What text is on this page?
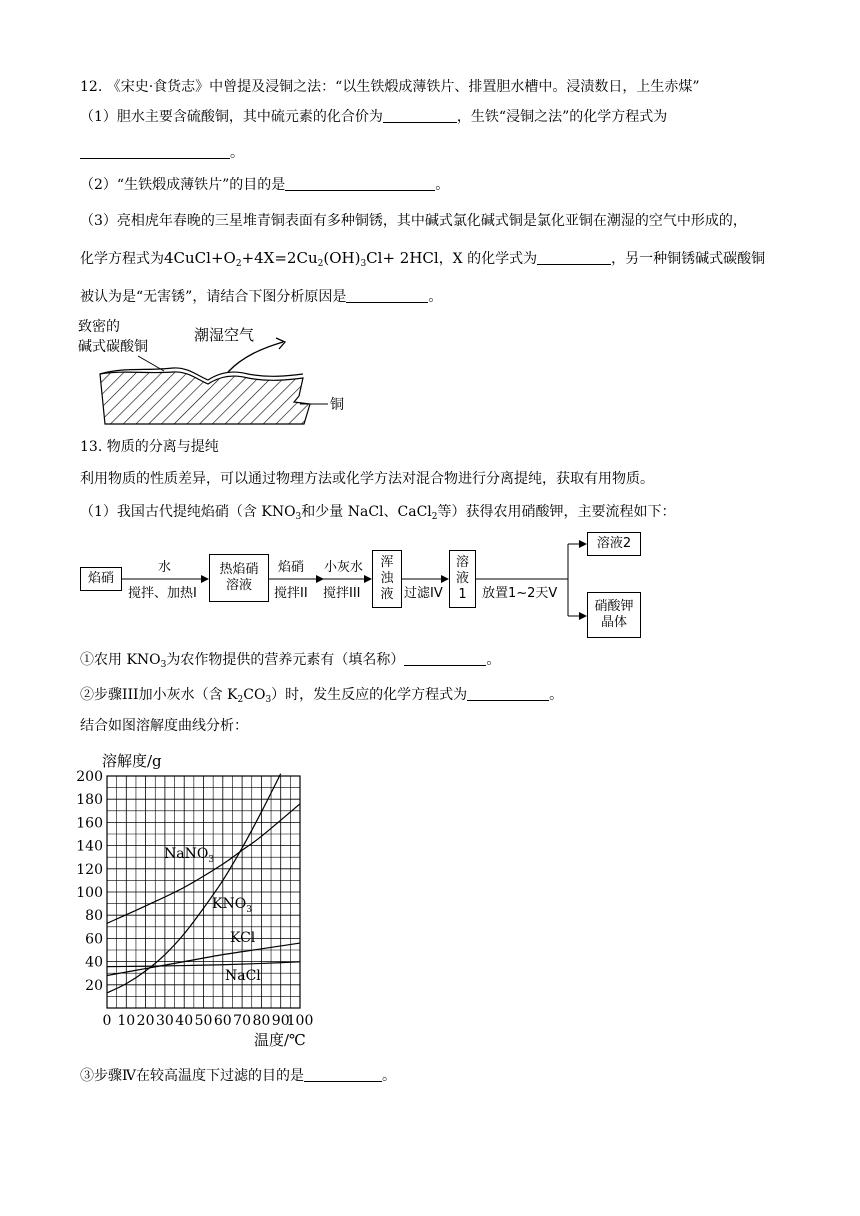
12. 《宋史·食货志》中曾提及浸铜之法：“以生铁煅成薄铁片、排置胆水槽中。浸渍数日，上生赤煤”
（1）胆水主要含硫酸铜，其中硫元素的化合价为	，生铁“浸铜之法”的化学方程式为
。
（2）“生铁煅成薄铁片”的目的是	。
（3）亮相虎年春晚的三星堆青铜表面有多种铜锈，其中碱式氯化碱式铜是氯化亚铜在潮湿的空气中形成的，
化学方程式为$4CuCl+O_2+4X=2Cu_2(OH)_3Cl+ 2HCl$，X 的化学式为	，另一种铜锈碱式碳酸铜
被认为是“无害锈”，请结合下图分析原因是	。
致密的
碱式碳酸铜
潮湿空气
铜
13. 物质的分离与提纯
利用物质的性质差异，可以通过物理方法或化学方法对混合物进行分离提纯，获取有用物质。
（1）我国古代提纯焰硝（含 $KNO_3$和少量 NaCl、CaCl$_2$等）获得农用硝酸钾，主要流程如下：
焰硝
水
搅拌、加热I
热焰硝
溶液
焰硝
搅拌II
小灰水
搅拌III
浑
浊
液 过滤IV
溶
液
1 放置1~2天V
溶液2
硝酸钾
晶体
①农用 $KNO_3$为农作物提供的营养元素有（填名称）	。
②步骤III加小灰水（含 $K_2CO_3$）时，发生反应的化学方程式为	。
结合如图溶解度曲线分析：
20
40
60
80
100
120
140
160
180
200
0 10 20 30 40 50 60 70 80 90
100
溶解度/g
温度/℃
NaNO$_3$
$KNO_3$
KCl
NaCl
③步骤Ⅳ在较高温度下过滤的目的是	。
